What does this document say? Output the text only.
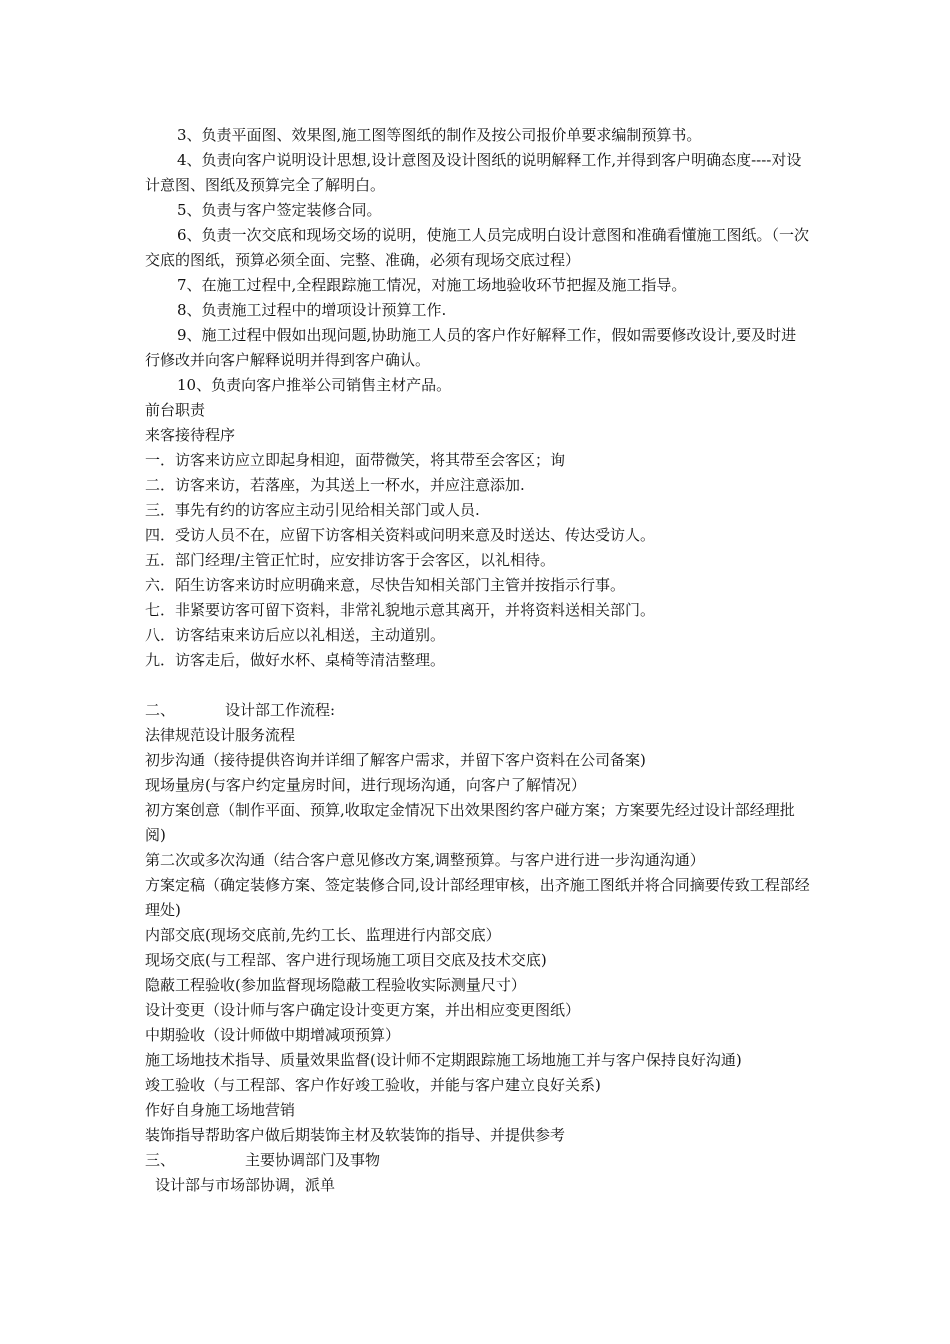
3、负责平面图、效果图,施工图等图纸的制作及按公司报价单要求编制预算书。

4、负责向客户说明设计思想,设计意图及设计图纸的说明解释工作,并得到客户明确态度----对设计意图、图纸及预算完全了解明白。

5、负责与客户签定装修合同。

6、负责一次交底和现场交场的说明，使施工人员完成明白设计意图和准确看懂施工图纸。（一次交底的图纸，预算必须全面、完整、准确，必须有现场交底过程）

7、在施工过程中,全程跟踪施工情况，对施工场地验收环节把握及施工指导。

8、负责施工过程中的增项设计预算工作.

9、施工过程中假如出现问题,协助施工人员的客户作好解释工作，假如需要修改设计,要及时进行修改并向客户解释说明并得到客户确认。

10、负责向客户推举公司销售主材产品。

前台职责

来客接待程序

一．访客来访应立即起身相迎，面带微笑，将其带至会客区；询

二．访客来访，若落座，为其送上一杯水，并应注意添加.

三．事先有约的访客应主动引见给相关部门或人员.

四．受访人员不在，应留下访客相关资料或问明来意及时送达、传达受访人。

五．部门经理/主管正忙时，应安排访客于会客区，以礼相待。

六．陌生访客来访时应明确来意，尽快告知相关部门主管并按指示行事。

七．非紧要访客可留下资料，非常礼貌地示意其离开，并将资料送相关部门。

八．访客结束来访后应以礼相送，主动道别。

九．访客走后，做好水杯、桌椅等清洁整理。

二、	设计部工作流程:

法律规范设计服务流程

初步沟通（接待提供咨询并详细了解客户需求，并留下客户资料在公司备案)

现场量房(与客户约定量房时间，进行现场沟通，向客户了解情况）

初方案创意（制作平面、预算,收取定金情况下出效果图约客户碰方案；方案要先经过设计部经理批阅)

第二次或多次沟通（结合客户意见修改方案,调整预算。与客户进行进一步沟通沟通）

方案定稿（确定装修方案、签定装修合同,设计部经理审核，出齐施工图纸并将合同摘要传致工程部经理处)

内部交底(现场交底前,先约工长、监理进行内部交底）

现场交底(与工程部、客户进行现场施工项目交底及技术交底)

隐蔽工程验收(参加监督现场隐蔽工程验收实际测量尺寸）

设计变更（设计师与客户确定设计变更方案，并出相应变更图纸）

中期验收（设计师做中期增减项预算）

施工场地技术指导、质量效果监督(设计师不定期跟踪施工场地施工并与客户保持良好沟通)

竣工验收（与工程部、客户作好竣工验收，并能与客户建立良好关系)

作好自身施工场地营销

装饰指导帮助客户做后期装饰主材及软装饰的指导、并提供参考

三、	主要协调部门及事物

设计部与市场部协调，派单
